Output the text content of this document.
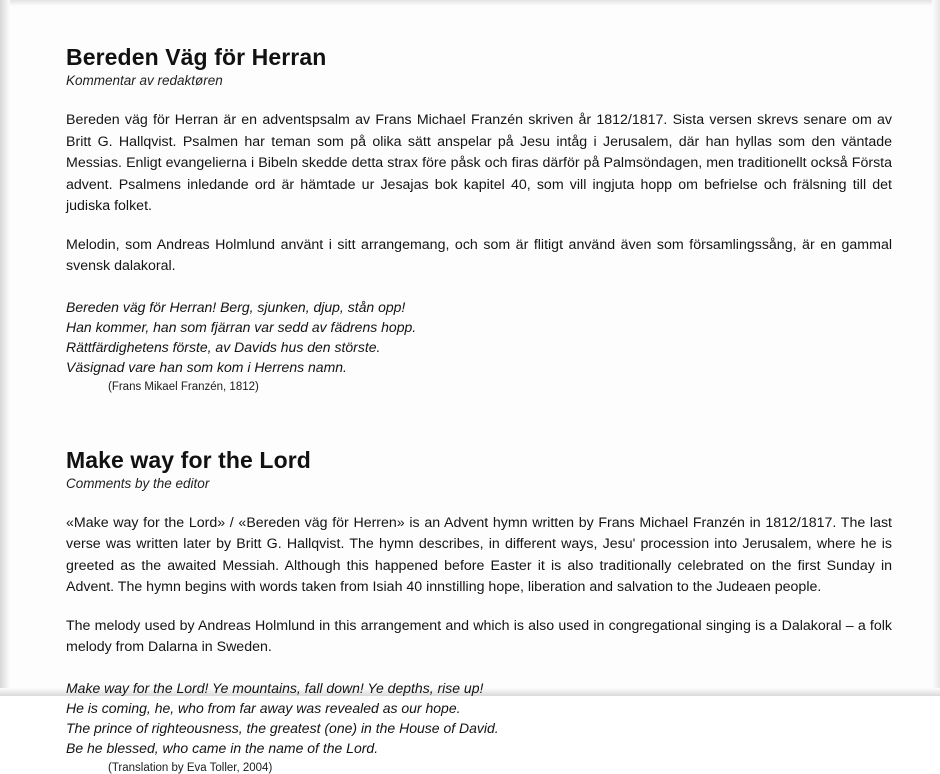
Bereden Väg för Herran
Kommentar av redaktøren

Bereden väg för Herran är en adventspsalm av Frans Michael Franzén skriven år 1812/1817. Sista versen skrevs senare om av Britt G. Hallqvist. Psalmen har teman som på olika sätt anspelar på Jesu intåg i Jerusalem, där han hyllas som den väntade Messias. Enligt evangelierna i Bibeln skedde detta strax före påsk och firas därför på Palmsöndagen, men traditionellt också Första advent. Psalmens inledande ord är hämtade ur Jesajas bok kapitel 40, som vill ingjuta hopp om befrielse och frälsning till det judiska folket.

Melodin, som Andreas Holmlund använt i sitt arrangemang, och som är flitigt använd även som församlingssång, är en gammal svensk dalakoral.

Bereden väg för Herran! Berg, sjunken, djup, stån opp!

Han kommer, han som fjärran var sedd av fädrens hopp.

Rättfärdighetens förste, av Davids hus den störste.

Väsignad vare han som kom i Herrens namn.

(Frans Mikael Franzén, 1812)

Make way for the Lord
Comments by the editor

«Make way for the Lord» / «Bereden väg för Herren» is an Advent hymn written by Frans Michael Franzén in 1812/1817. The last verse was written later by Britt G. Hallqvist. The hymn describes, in different ways, Jesu' procession into Jerusalem, where he is greeted as the awaited Messiah. Although this happened before Easter it is also traditionally celebrated on the first Sunday in Advent. The hymn begins with words taken from Isiah 40 innstilling hope, liberation and salvation to the Judeaen people.

The melody used by Andreas Holmlund in this arrangement and which is also used in congregational singing is a Dalakoral – a folk melody from Dalarna in Sweden.

Make way for the Lord! Ye mountains, fall down! Ye depths, rise up!

He is coming, he, who from far away was revealed as our hope.

The prince of righteousness, the greatest (one) in the House of David.

Be he blessed, who came in the name of the Lord.

(Translation by Eva Toller, 2004)
